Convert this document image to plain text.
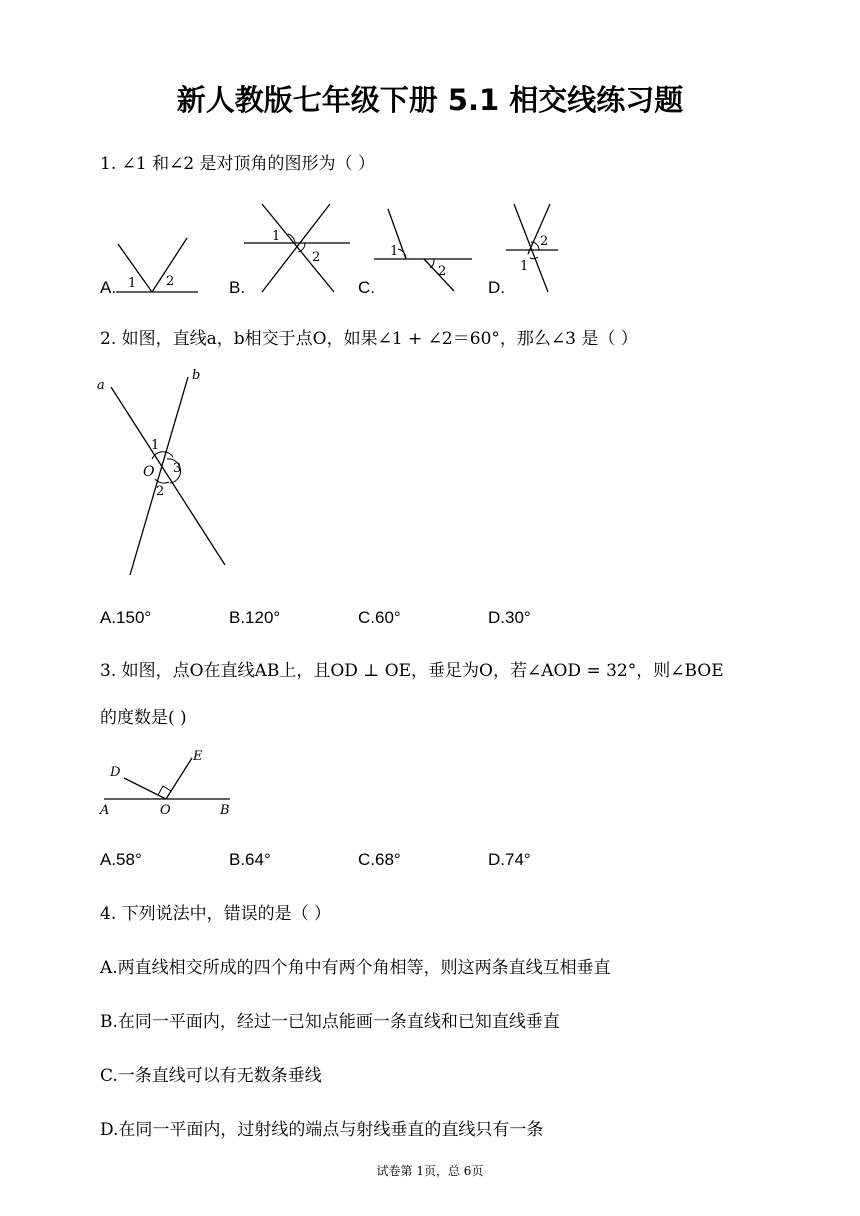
新人教版七年级下册 5.1 相交线练习题
1. ∠1 和∠2 是对顶角的图形为（ ）
1 2
A.
1
2
B.
1
2
C.
2
1
D.
2. 如图，直线a，b相交于点O，如果∠1 + ∠2＝60°，那么∠3 是（ ）
a
b
1
O 3
2
A.150°	B.120°	C.60°	D.30°
3. 如图，点O在直线AB上，且OD ⊥ OE，垂足为O，若∠AOD = 32°，则∠BOE
的度数是( )
D
E
A	O	B
A.58°	B.64°	C.68°	D.74°
4. 下列说法中，错误的是（ ）
A.两直线相交所成的四个角中有两个角相等，则这两条直线互相垂直
B.在同一平面内，经过一已知点能画一条直线和已知直线垂直
C.一条直线可以有无数条垂线
D.在同一平面内，过射线的端点与射线垂直的直线只有一条
试卷第 1页，总 6页
